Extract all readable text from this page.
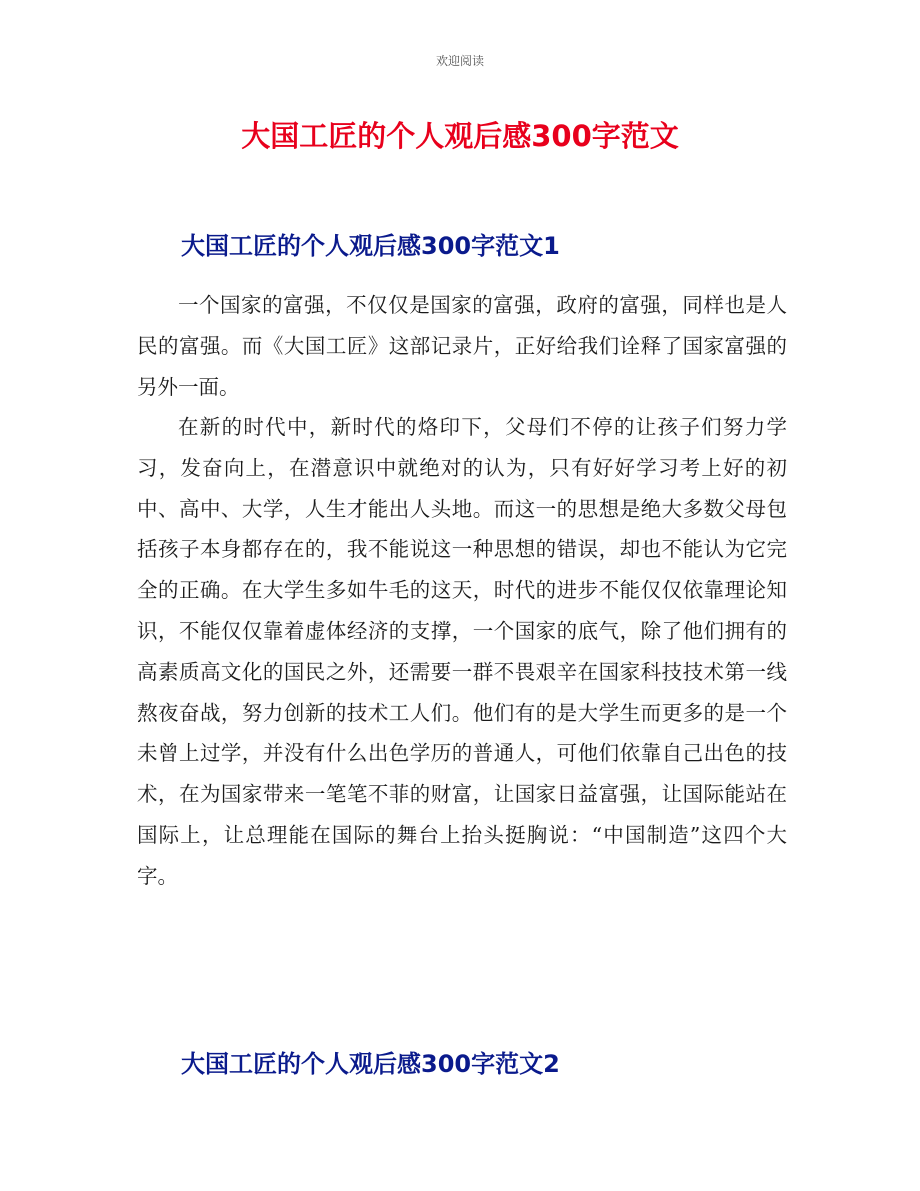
欢迎阅读
大国工匠的个人观后感300字范文
大国工匠的个人观后感300字范文1

一个国家的富强，不仅仅是国家的富强，政府的富强，同样也是人民的富强。而《大国工匠》这部记录片，正好给我们诠释了国家富强的另外一面。

在新的时代中，新时代的烙印下，父母们不停的让孩子们努力学习，发奋向上，在潜意识中就绝对的认为，只有好好学习考上好的初中、高中、大学，人生才能出人头地。而这一的思想是绝大多数父母包括孩子本身都存在的，我不能说这一种思想的错误，却也不能认为它完全的正确。在大学生多如牛毛的这天，时代的进步不能仅仅依靠理论知识，不能仅仅靠着虚体经济的支撑，一个国家的底气，除了他们拥有的高素质高文化的国民之外，还需要一群不畏艰辛在国家科技技术第一线熬夜奋战，努力创新的技术工人们。他们有的是大学生而更多的是一个未曾上过学，并没有什么出色学历的普通人，可他们依靠自己出色的技术，在为国家带来一笔笔不菲的财富，让国家日益富强，让国际能站在国际上，让总理能在国际的舞台上抬头挺胸说：“中国制造”这四个大字。

大国工匠的个人观后感300字范文2
